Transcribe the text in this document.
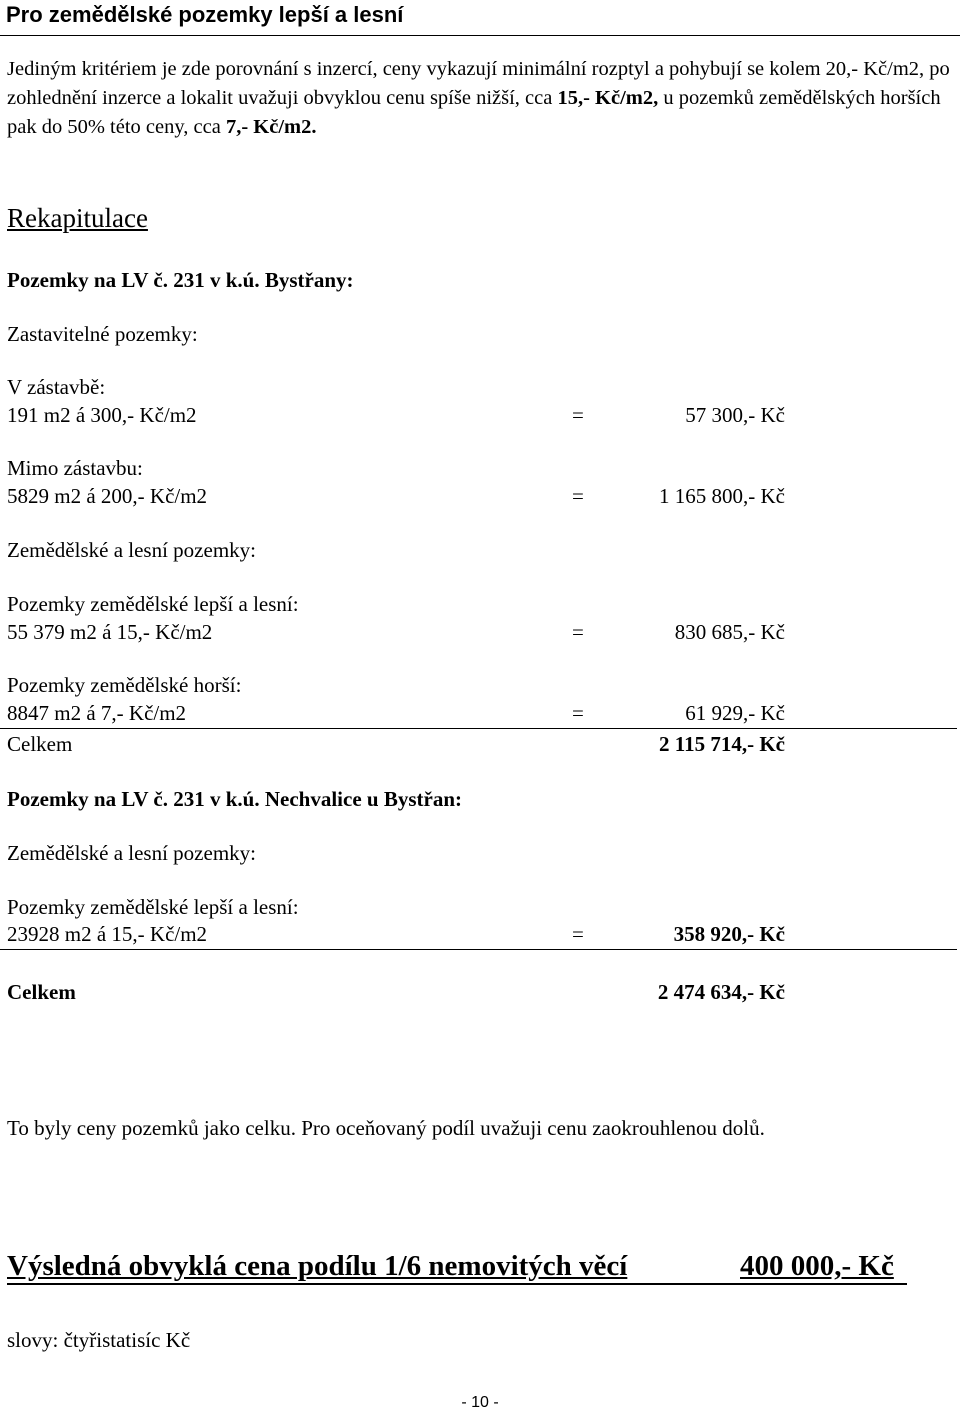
Pro zemědělské pozemky lepší a lesní
Jediným kritériem je zde porovnání s inzercí, ceny vykazují minimální rozptyl a pohybují se kolem 20,- Kč/m2, po zohlednění inzerce a lokalit uvažuji obvyklou cenu spíše nižší, cca 15,- Kč/m2, u pozemků zemědělských horších pak do 50% této ceny, cca 7,- Kč/m2.
Rekapitulace
Pozemky na LV č. 231 v k.ú. Bystřany:
Zastavitelné pozemky:
V zástavbě:
191 m2 á 300,- Kč/m2	=	57 300,- Kč
Mimo zástavbu:
5829 m2 á 200,- Kč/m2	=	1 165 800,- Kč
Zemědělské a lesní pozemky:
Pozemky zemědělské lepší a lesní:
55 379 m2 á 15,- Kč/m2	=	830 685,- Kč
Pozemky zemědělské horší:
8847 m2 á 7,- Kč/m2	=	61 929,- Kč
Celkem	2 115 714,- Kč
Pozemky na LV č. 231 v k.ú. Nechvalice u Bystřan:
Zemědělské a lesní pozemky:
Pozemky zemědělské lepší a lesní:
23928 m2 á 15,- Kč/m2	=	358 920,- Kč
Celkem	2 474 634,- Kč
To byly ceny pozemků jako celku. Pro oceňovaný podíl uvažuji cenu zaokrouhlenou dolů.
Výsledná obvyklá cena podílu 1/6 nemovitých věcí	400 000,- Kč
slovy: čtyřistatisíc Kč
- 10 -
